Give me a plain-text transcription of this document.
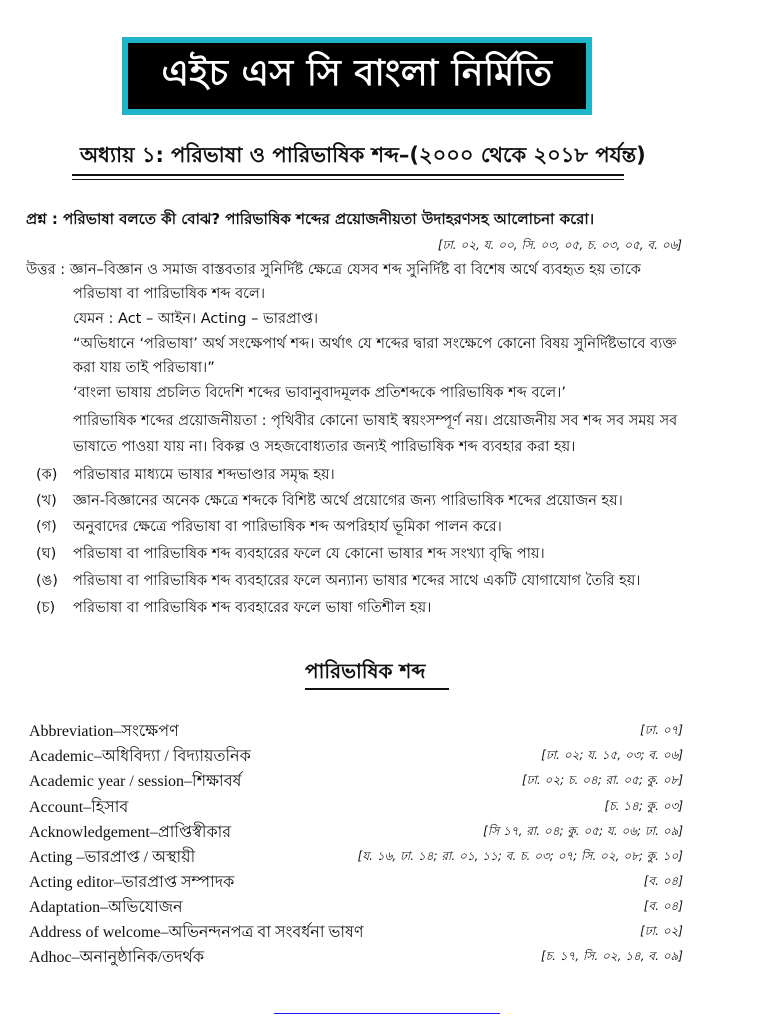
এইচ এস সি বাংলা নির্মিতি
অধ্যায় ১: পরিভাষা ও পারিভাষিক শব্দ–(২০০০ থেকে ২০১৮ পর্যন্ত)
প্রশ্ন : পরিভাষা বলতে কী বোঝ? পারিভাষিক শব্দের প্রয়োজনীয়তা উদাহরণসহ আলোচনা করো।
[ঢা. ০২, য. ০০, সি. ০৩, ০৫, চ. ০৩, ০৫, ব. ০৬]
উত্তর : জ্ঞান–বিজ্ঞান ও সমাজ বাস্তবতার সুনির্দিষ্ট ক্ষেত্রে যেসব শব্দ সুনির্দিষ্ট বা বিশেষ অর্থে ব্যবহৃত হয় তাকে
পরিভাষা বা পারিভাষিক শব্দ বলে।
যেমন : Act – আইন। Acting – ভারপ্রাপ্ত।
“অভিধানে ‘পরিভাষা’ অর্থ সংক্ষেপার্থ শব্দ। অর্থাৎ যে শব্দের দ্বারা সংক্ষেপে কোনো বিষয় সুনির্দিষ্টভাবে ব্যক্ত
করা যায় তাই পরিভাষা।”
‘বাংলা ভাষায় প্রচলিত বিদেশি শব্দের ভাবানুবাদমূলক প্রতিশব্দকে পারিভাষিক শব্দ বলে।’
পারিভাষিক শব্দের প্রয়োজনীয়তা : পৃথিবীর কোনো ভাষাই স্বয়ংসম্পূর্ণ নয়। প্রয়োজনীয় সব শব্দ সব সময় সব
ভাষাতে পাওয়া যায় না। বিকল্প ও সহজবোধ্যতার জন্যই পারিভাষিক শব্দ ব্যবহার করা হয়।
(ক) পরিভাষার মাধ্যমে ভাষার শব্দভাণ্ডার সমৃদ্ধ হয়।
(খ) জ্ঞান-বিজ্ঞানের অনেক ক্ষেত্রে শব্দকে বিশিষ্ট অর্থে প্রয়োগের জন্য পারিভাষিক শব্দের প্রয়োজন হয়।
(গ) অনুবাদের ক্ষেত্রে পরিভাষা বা পারিভাষিক শব্দ অপরিহার্য ভূমিকা পালন করে।
(ঘ) পরিভাষা বা পারিভাষিক শব্দ ব্যবহারের ফলে যে কোনো ভাষার শব্দ সংখ্যা বৃদ্ধি পায়।
(ঙ) পরিভাষা বা পারিভাষিক শব্দ ব্যবহারের ফলে অন্যান্য ভাষার শব্দের সাথে একটি যোগাযোগ তৈরি হয়।
(চ) পরিভাষা বা পারিভাষিক শব্দ ব্যবহারের ফলে ভাষা গতিশীল হয়।
পারিভাষিক শব্দ
Abbreviation–সংক্ষেপণ	[ঢা. ০৭]
Academic–অধিবিদ্যা / বিদ্যায়তনিক	[ঢা. ০২; য. ১৫, ০৩; ব. ০৬]
Academic year / session–শিক্ষাবর্ষ	[ঢা. ০২; চ. ০৪; রা. ০৫; কু. ০৮]
Account–হিসাব	[চ. ১৪; কু. ০৩]
Acknowledgement–প্রাপ্তিস্বীকার	[সি ১৭, রা. ০৪; কু. ০৫; য. ০৬; ঢা. ০৯]
Acting –ভারপ্রাপ্ত / অস্থায়ী	[য. ১৬, ঢা. ১৪; রা. ০১, ১১; ব. চ. ০৩; ০৭; সি. ০২, ০৮; কু. ১০]
Acting editor–ভারপ্রাপ্ত সম্পাদক	[ব. ০৪]
Adaptation–অভিযোজন	[ব. ০৪]
Address of welcome–অভিনন্দনপত্র বা সংবর্ধনা ভাষণ	[ঢা. ০২]
Adhoc–অনানুষ্ঠানিক/তদর্থক	[চ. ১৭, সি. ০২, ১৪, ব. ০৯]
